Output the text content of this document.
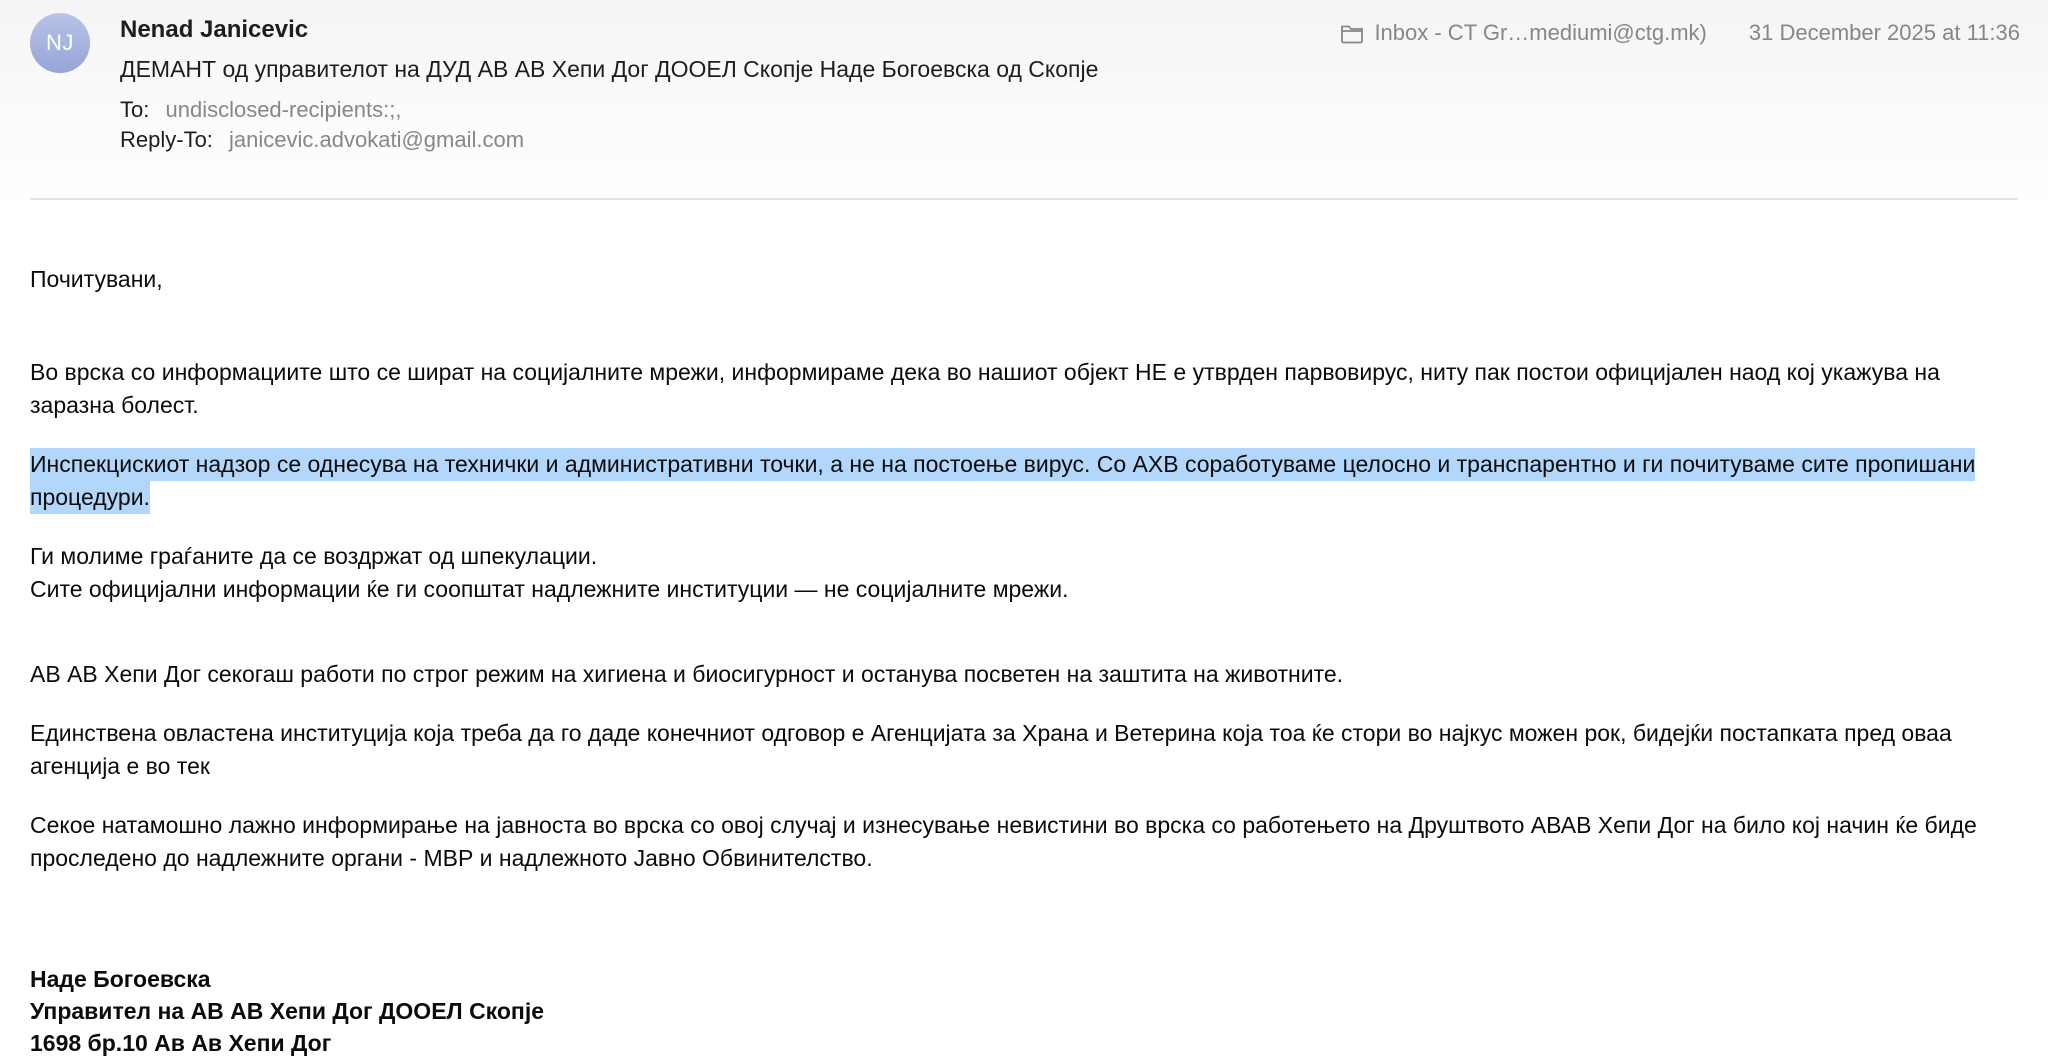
NJ Nenad Janicevic
ДЕМАНТ од управителот на ДУД АВ АВ Хепи Дог ДООЕЛ Скопје Наде Богоевска од Скопје
To: undisclosed-recipients:;,
Reply-To: janicevic.advokati@gmail.com
Inbox - CT Gr…mediumi@ctg.mk) 31 December 2025 at 11:36
Почитувани,
Во врска со информациите што се шират на социјалните мрежи, информираме дека во нашиот објект НЕ е утврден парвовирус, ниту пак постои официјален наод кој укажува на заразна болест.
Инспекцискиот надзор се однесува на технички и административни точки, а не на постоење вирус. Со АХВ соработуваме целосно и транспарентно и ги почитуваме сите пропишани процедури.
Ги молиме граѓаните да се воздржат од шпекулации.
Сите официјални информации ќе ги соопштат надлежните институции — не социјалните мрежи.
АВ АВ Хепи Дог секогаш работи по строг режим на хигиена и биосигурност и останува посветен на заштита на животните.
Единствена овластена институција која треба да го даде конечниот одговор е Агенцијата за Храна и Ветерина која тоа ќе стори во најкус можен рок, бидејќи постапката пред оваа агенција е во тек
Секое натамошно лажно информирање на јавноста во врска со овој случај и изнесување невистини во врска со работењето на Друштвото АВАВ Хепи Дог на било кој начин ќе биде проследено до надлежните органи - МВР и надлежното Јавно Обвинителство.
Наде Богоевска
Управител на АВ АВ Хепи Дог ДООЕЛ Скопје
1698 бр.10 Ав Ав Хепи Дог
